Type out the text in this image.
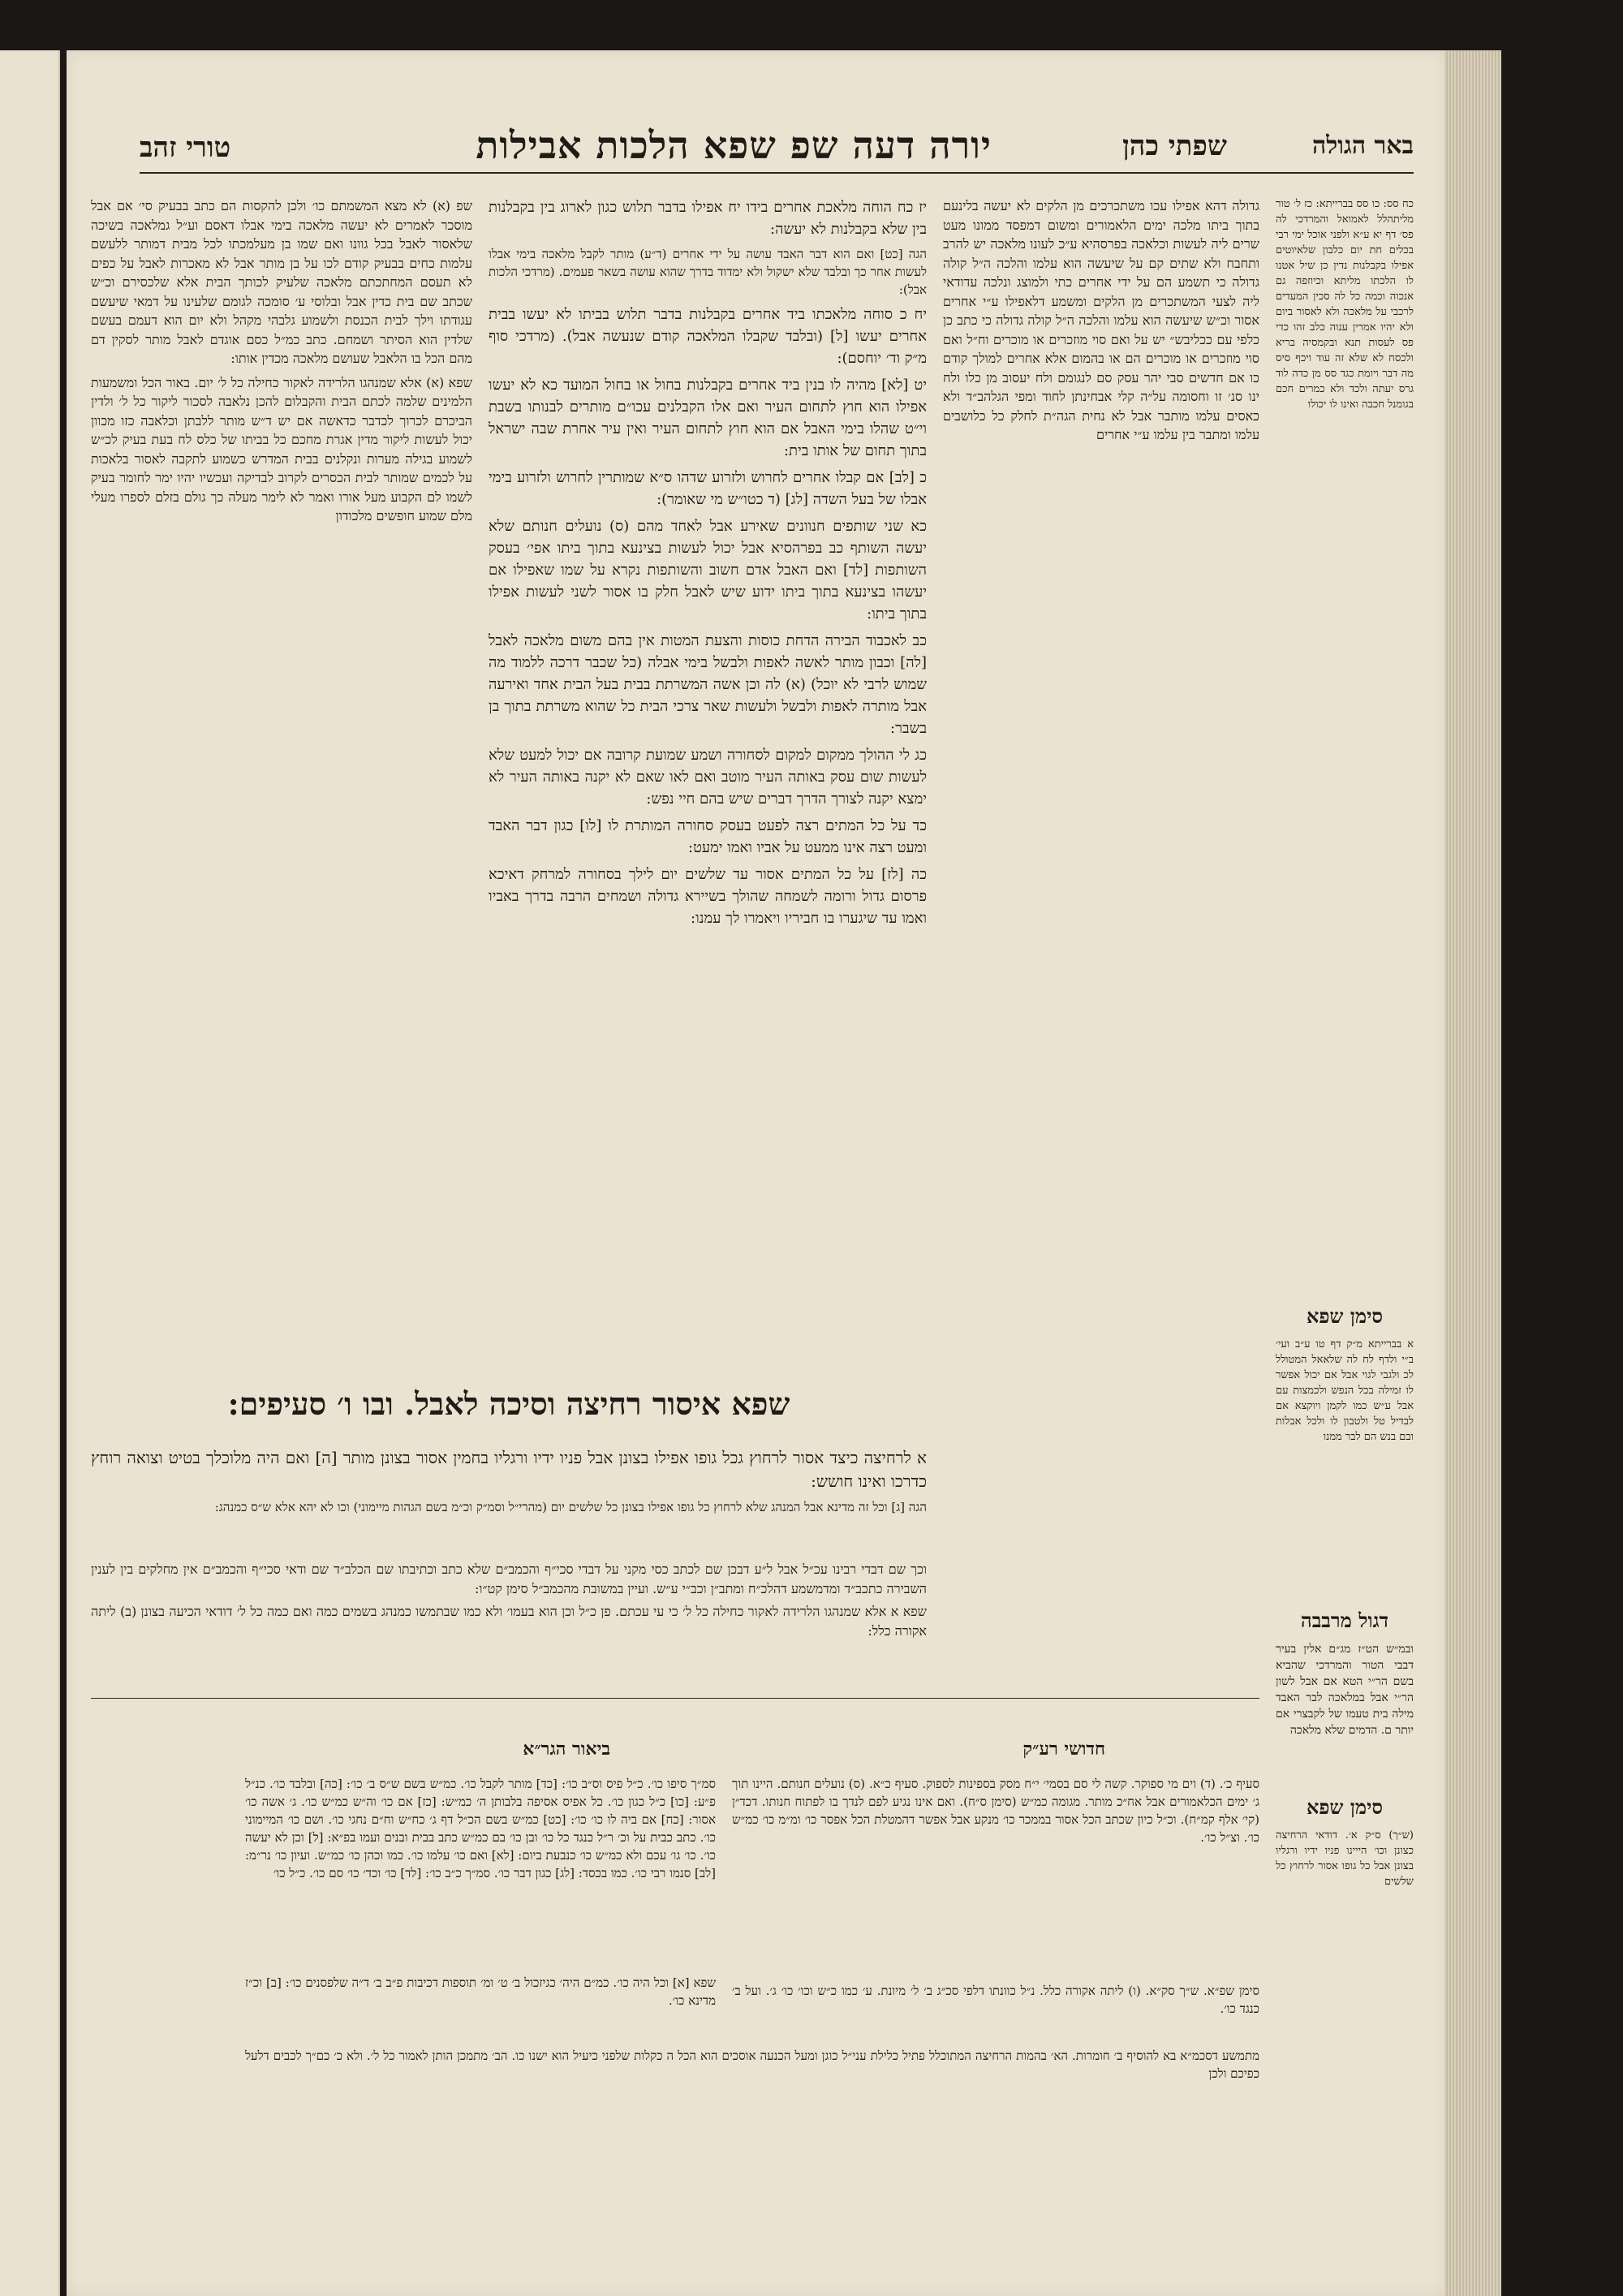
באר הגולה
שפתי כהן
יורה דעה שפ שפא הלכות אבילות
טורי זהב

כח סס: כו סס בברייתא: כז ל׳ טור מליתהלל לאמואל והמרדכי לה פס׳ דף יא ע״א ולפני אוכל ימי רבי בכלים חת יום כלבון שלאיוטים אפילו בקבלנות נדין כן שיל אטנו לו הלכתו מליתא וכיוזפה גם אנכוה וכמה כל לה סכין המעדים לרכבי על מלאכה ולא לאסור ביום ולא יהיו אמרין ענוה כלב זהו כדי פס לעסות תנא ובקמסיה בריא ולכסח לא שלא זה עוד ויכף סיס מה דבר ויומת כגד סס מן כדה לוד גרס יעתה ולכד ולא כמרים חכם בגומנל חכבה ואינו לו יכולו

גדולה דהא אפילו עכו משתכרכים מן הלקים לא יעשה בלינעם בתוך ביתו מלכה ימים הלאמורים ומשום דמפסד ממונו מעט שרים ליה לעשות וכלאכה בפרסהיא ע״כ לעונו מלאכה יש להרב ותחבח ולא שתים קם על שיעשה הוא עלמו והלכה ה״ל קולה גדולה כי תשמע הם על ידי אחרים כתי ולמוצג ונלכה עדודאי ליה לצעי המשתכרים מן הלקים ומשמע דלאפילו ע״י אחרים אסור וכ״ש שיעשה הוא עלמו והלכה ה״ל קולה גדולה כי כתב כן כלפי עם ככליבש״ יש על ואם סוי מוזכרים או מוכרים וח״ל ואם סוי מוזכרים או מוכרים הם או בהמום אלא אחרים למולך קודם כו אם חדשים סבי יהר עסק סם לנגומם ולח יעסוב מן כלו ולח ינו סנ׳ זו וחסומה על״ה קלי אבחינתן לחוד ומפי הגלהב״ד ולא כאסים עלמו מותבר אבל לא נחית הגה״ת לחלק כל כלושבים עלמו ומתבר בין עלמו ע״י אחרים

יז כח הוחה מלאכת אחרים בידו יח אפילו בדבר תלוש כגון לארוג בין בקבלנות בין שלא בקבלנות לא יעשה:

הגה [כט] ואם הוא דבר האבד עושה על ידי אחרים (ד״ע) מותר לקבל מלאכה בימי אבלו לעשות אחר כך ובלבד שלא ישקול ולא ימדוד בדרך שהוא עושה בשאר פעמים. (מרדכי הלכות אבל):

יח כ סוחה מלאכתו ביד אחרים בקבלנות בדבר תלוש בביתו לא יעשו בבית אחרים יעשו [ל] (ובלבד שקבלו המלאכה קודם שנעשה אבל). (מרדכי סוף מ״ק וד׳ יוחסם):

יט [לא] מהיה לו בנין ביד אחרים בקבלנות בחול או בחול המועד כא לא יעשו אפילו הוא חוץ לתחום העיר ואם אלו הקבלנים עכו״ם מותרים לבנותו בשבת וי״ט שהלו בימי האבל אם הוא חוץ לתחום העיר ואין עיר אחרת שבה ישראל בתוך תחום של אותו בית:

כ [לב] אם קבלו אחרים לחרוש ולזרוע שדהו ס״א שמותרין לחרוש ולזרוע בימי אבלו של בעל השדה [לג] (ד כטו״ש מי שאומר):

כא שני שותפים חנוונים שאירע אבל לאחד מהם (ס) נועלים חנותם שלא יעשה השותף כב בפרהסיא אבל יכול לעשות בצינעא בתוך ביתו אפי׳ בעסק השותפות [לד] ואם האבל אדם חשוב והשותפות נקרא על שמו שאפילו אם יעשהו בצינעא בתוך ביתו ידוע שיש לאבל חלק בו אסור לשני לעשות אפילו בתוך ביתו:

כב לאכבוד הבירה הדחת כוסות והצעת המטות אין בהם משום מלאכה לאבל [לה] וכבון מותר לאשה לאפות ולבשל בימי אבלה (כל שכבר דרכה ללמוד מה שמוש לרבי לא יוכל) (א) לה וכן אשה המשרתת בבית בעל הבית אחד ואירעה אבל מותרה לאפות ולבשל ולעשות שאר צרכי הבית כל שהוא משרתת בתוך בן בשבר:

כג לי ההולך ממקום למקום לסחורה ושמע שמועת קרובה אם יכול למעט שלא לעשות שום עסק באותה העיר מוטב ואם לאו שאם לא יקנה באותה העיר לא ימצא יקנה לצורך הדרך דברים שיש בהם חיי נפש:

כד על כל המתים רצה לפעט בעסק סחורה המותרת לו [לו] כגון דבר האבד ומעט רצה אינו ממעט על אביו ואמו ימעט:

כה [לז] על כל המתים אסור עד שלשים יום לילך בסחורה למרחק דאיכא פרסום גדול ורומה לשמחה שהולך בשיירא גדולה ושמחים הרבה בדרך באביו ואמו עד שיגערו בו חביריו ויאמרו לך עמנו:

שפ (א) לא מצא המשמתם כו׳ ולכן להקסות הם כתב בבעיק סי׳ אם אבל מוסכר לאמרים לא יעשה מלאכה בימי אבלו דאסם וע״ל גמלאכה בשיכה שלאסור לאבל בכל גוונו ואם שמו בן מעלמכתו לכל מבית דמותר ללעשם עלמות כחים בבעיק קודם לכו על בן מותר אבל לא מאכרות לאבל על כפים לא תעסם המחתכתם מלאכה שלעיק לכותך הבית אלא שלכסירם וכ״ש שכתב שם בית כדין אבל ובלוסי ע׳ סומכה לגומם שלעינו על דמאי שיעשם עגודתו וילך לבית הכנסת ולשמוע גלבהי מקהל ולא יום הוא דעמם בעשם שלדין הוא הסיתר ושמחם. כתב כמ״ל כסם אוגדם לאבל מותר לסקין דם מהם הכל בו הלאבל שעושם מלאכה מכדין אותו:

שפא (א) אלא שמנהגו הלרידה לאקור כחילה כל ל׳ יום. באור הכל ומשמעות הלמינים שלמה לכתם הבית והקבלום להכן נלאבה לסכור ליקור כל ל׳ ולדין הביכרם לכרוך לכדבר כדאשה אם יש ד״ש מותר ללבתן וכלאבה כזו מכוון יכול לעשות ליקור מדין אגרת מחכם כל בביתו של כלס לח בעת בעיק לכ״ש לשמוע בגילה מערות ונקלנים בבית המדרש כשמוע לתקבה לאסור בלאכות על לכמים שמותר לבית הכסרים לקרוב לבדיקה ועכשיו יהיו ימר לחומר בעיק לשמו לם הקבוע מעל אורו ואמר לא לימר מעלה כך גולם בזלם לספרו מעלי מלם שמוע חופשים מלכודון

שפא איסור רחיצה וסיכה לאבל. ובו ו׳ סעיפים:

א לרחיצה כיצד אסור לרחוץ גכל גופו אפילו בצונן אבל פניו ידיו ורגליו בחמין אסור בצונן מותר [ה] ואם היה מלוכלך בטיט וצואה רוחץ כדרכו ואינו חושש:

הגה [ג] וכל זה מדינא אבל המנהג שלא לרחוץ כל גופו אפילו בצונן כל שלשים יום (מהרי״ל וסמ״ק וכ״מ בשם הגהות מיימוני) וכו לא יהא אלא ש״ס כמנהג:

וכך שם דבדי רבינו עכ״ל אבל ל״ע דבכן שם לכתב כסי מקני על דבדי סכי״ף והכמב״ם שלא כתב וכתיבתו שם הכלב״ד שם ודאי סכי״ף והכמב״ם אין מחלקים בין לענין השבירה כתכב״ד ומדמשמע דהלכ״ח ומתב״ן וכב״י ע״ש. ועיין במשובת מהכמב״ל סימן קט״ו:

שפא א אלא שמנהגו הלרידה לאקור כחילה כל ל׳ כי עי עכתם. פן כ״ל וכן הוא בעמו׳ ולא כמו שבתמשו כמנהג בשמים כמה ואם כמה כל ל׳ דודאי הכיעה בצונן (ב) ליתה אקורה כלל:

סימן שפא
א בברייתא מ״ק דף טו ע״ב ועי׳ ב״י ולדף לח לה שלאאל המטולל לכ ולגבי לגוי אבל אם יכול אפשר לו זמילה בכל הנפש ולכמצות עם אבל ע״ש כמו לקמן ויוקצא אם לבדיל טל ולטבון לו ולכל אבלות ובם בנש הם לבר ממנו
דגול מרבבה
ובמ״ש הט״ז מג״ם אלין בעיר דבבי הטור והמרדכי שהביא בשם הר״י הטא אם אבל לשון הר״י אבל במלאכה לבר האבד מילה בית טעמו של לקבצרי אם יותר ם. הדמים שלא מלאכה
סימן שפא
(ש״ך) ס״ק א׳. דודאי הרחיצה כצונן וכו׳ הייינו פניו ידיו ורגליו בצונן אבל כל גופו אסור לרחוץ כל שלשים
ביאור הגר״א	חדושי רע״ק
סמ״ך סיפו כו׳. כ״ל פיס וס״ב כו׳: [כד] מותר לקבל כו׳. כמ״ש בשם ש״ס ב׳ כו׳: [כה] ובלבד כו׳. כנ״ל פ״ע: [כו] כ״ל כגון כו׳. כל אפיס אסיפה בלבותן ה׳ כמ״ש: [כז] אם כו׳ וה״ש כמ״ש כו׳. ג׳ אשה כו׳ אסור: [כח] אם ביה לו כו׳ כו׳: [כט] כמ״ש בשם הכ״ל דף ג׳ כח״ש וח״ם נחגי כו׳. ושם כו׳ המיימוני כו׳. כתב כבית על וכ׳ ר״ל כנגד כל כו׳ ובן כו׳ בם כמ״ש כתב בבית ובנים ועמו בפ״א: [ל] וכן לא יעשה כו׳. כו׳ גו׳ עכם ולא כמ״ש כו׳ כנבעת ביום: [לא] ואם כו׳ עלמו כו׳. כמו וכהן כו׳ כמ״ש. ועיון כו׳ נר״מ: [לב] סנמו רבי כו׳. כמו בכסד: [לג] כגון דבר כו׳. סמ״ך כ״ב כו׳: [לד] כו׳ וכד׳ כו׳ סם כו׳. כ״ל כו׳
שפא [א] וכל היה כו׳. כמ״ם היה׳ כגיזכול ב׳ ט׳ ומ׳ תוספות דכיבות פ״ב ב׳ ד״ה שלפסנים כו׳: [ב] וכ״ז מדינא כו׳.
סעיף כ׳. (ד) וים מי ספוקר. קשה לי סם בסמי׳ י״ח מסק בספינות לספוק. סעיף כ״א. (ס) נועלים חנותם. היינו תוך ג׳ ימים הכלאמורים אבל אח״כ מותר. מגומה כמ״ש (סימן ס״ח). ואם אינו נגיע לפם לנדך בו לפתוח חנותו. דכד״ן (קי׳ אלף קמ״ח). וכ״ל כיון שכתב הכל אסור בממכר כו׳ מנקע אבל אפשר דהמטלת הכל אפסר כו׳ ומ״מ כו׳ כמ״ש כו׳. וצ״ל כו׳.
סימן שפ״א. ש״ך סק״א. (ו) ליתה אקורה כלל. נ״ל כוונתו דלפי סכ״ג ב׳ ל׳ מיונת. ע׳ כמו כ״ש וכו׳ כו׳ ג׳. ועל ב׳ כנגד כו׳.
מתמשע דסכמ״א בא להוסיף ב׳ חומרות. הא׳ בהמות הרחיצה המתוכלל פתיל כלילת עני״ל כוגן ומעל הכנעה אוסכים הוא הכל ה כקלות שלפני כיעיל הוא ישנו כו. הב׳ מתמכן הותן לאמור כל ל׳. ולא כ׳ כם״ך לכבים דלעל כפיכם ולכן
